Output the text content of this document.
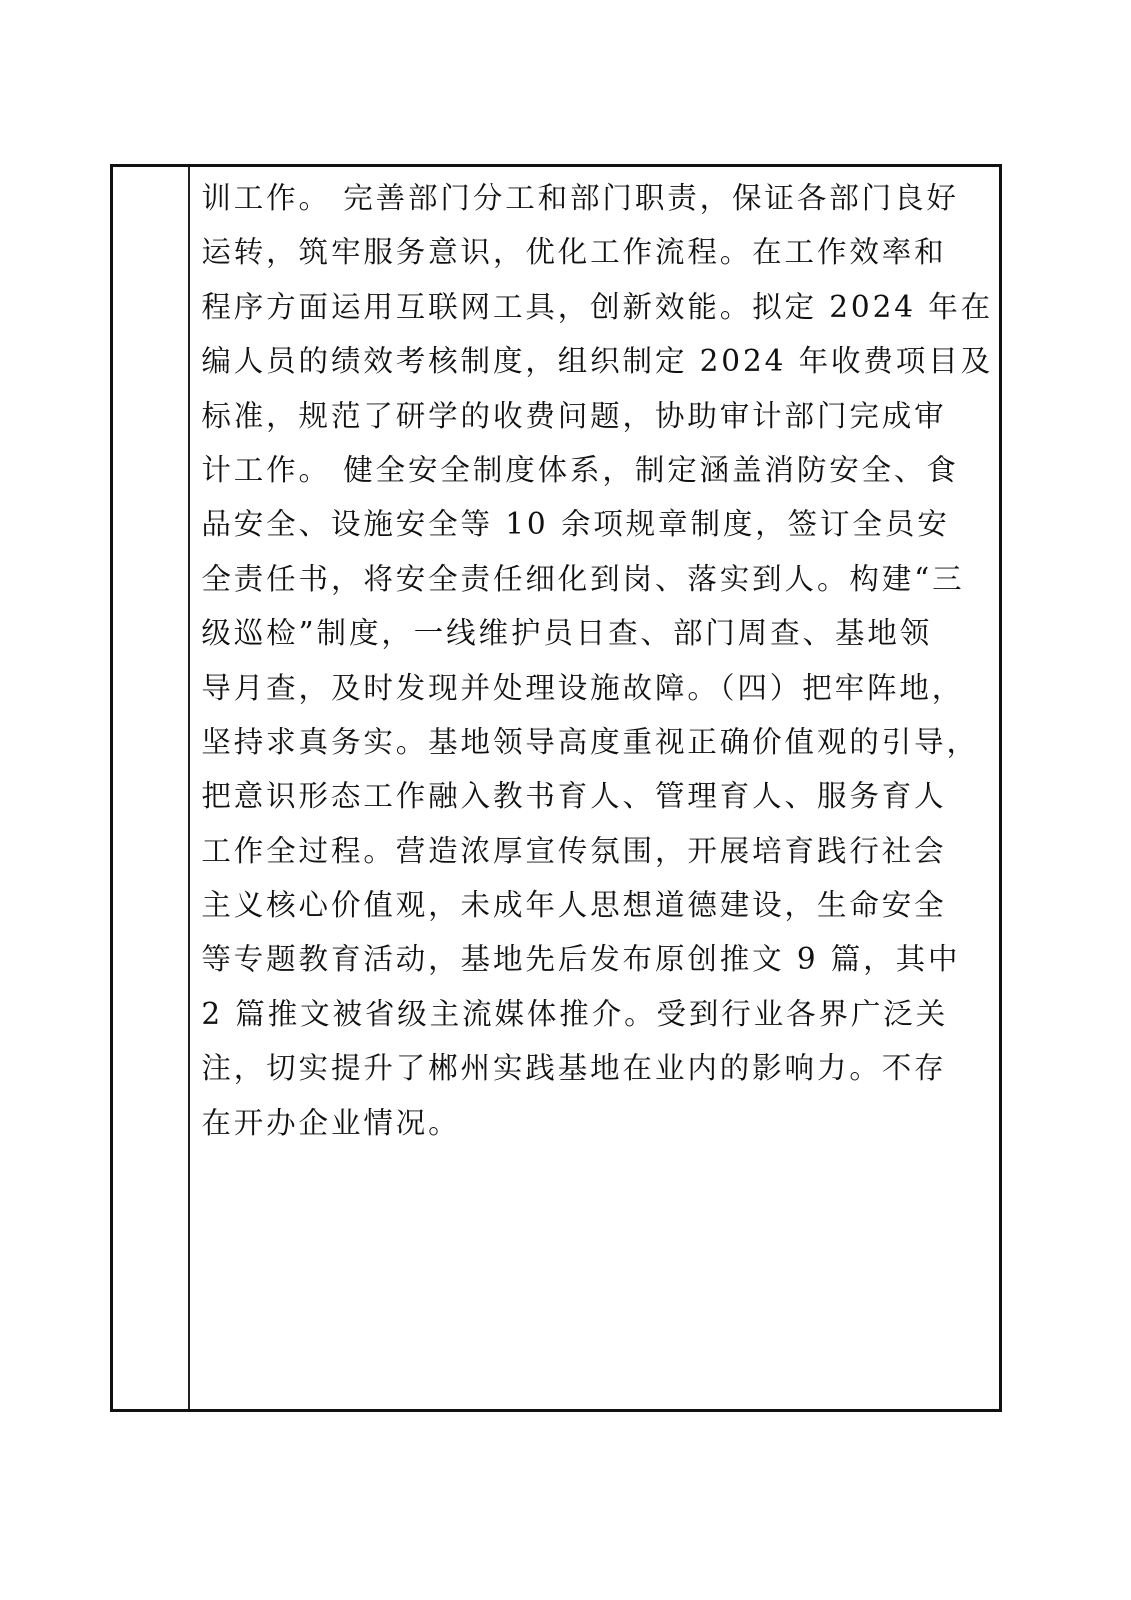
训工作。 完善部门分工和部门职责，保证各部门良好
运转，筑牢服务意识，优化工作流程。在工作效率和
程序方面运用互联网工具，创新效能。拟定 2024 年在
编人员的绩效考核制度，组织制定 2024 年收费项目及
标准，规范了研学的收费问题，协助审计部门完成审
计工作。 健全安全制度体系，制定涵盖消防安全、食
品安全、设施安全等 10 余项规章制度，签订全员安
全责任书，将安全责任细化到岗、落实到人。构建“三
级巡检”制度，一线维护员日查、部门周查、基地领
导月查，及时发现并处理设施故障。（四）把牢阵地，
坚持求真务实。基地领导高度重视正确价值观的引导，
把意识形态工作融入教书育人、管理育人、服务育人
工作全过程。营造浓厚宣传氛围，开展培育践行社会
主义核心价值观，未成年人思想道德建设，生命安全
等专题教育活动，基地先后发布原创推文 9 篇，其中
2 篇推文被省级主流媒体推介。受到行业各界广泛关
注，切实提升了郴州实践基地在业内的影响力。不存
在开办企业情况。
